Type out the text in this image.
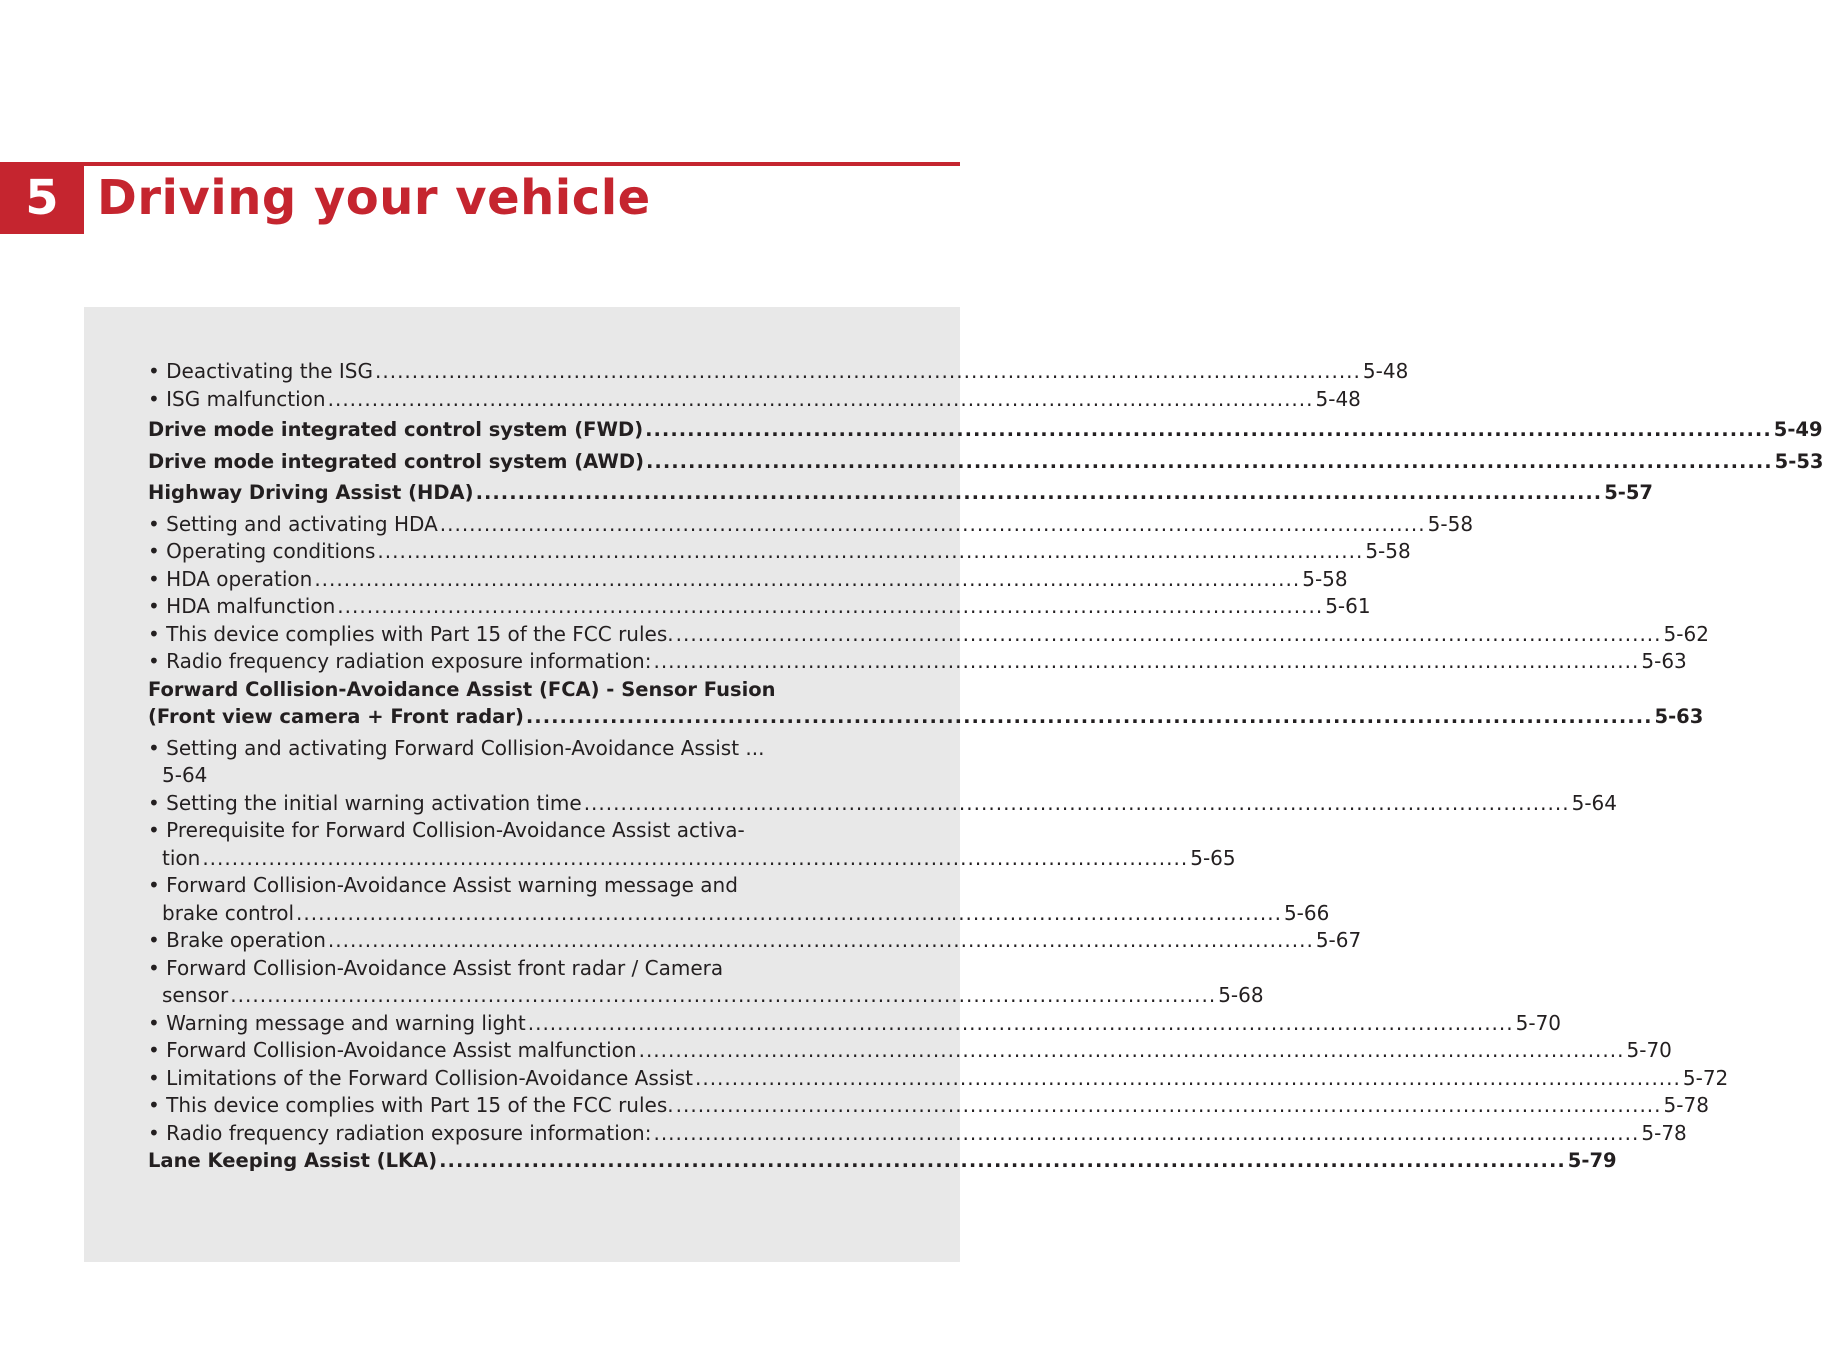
5 Driving your vehicle
• Deactivating the ISG ...................................................................................................................................... 5-48
• ISG malfunction ...................................................................................................................................... 5-48
Drive mode integrated control system (FWD) ...................................................................................................................................... 5-49
Drive mode integrated control system (AWD) ...................................................................................................................................... 5-53
Highway Driving Assist (HDA) ...................................................................................................................................... 5-57
• Setting and activating HDA ...................................................................................................................................... 5-58
• Operating conditions ...................................................................................................................................... 5-58
• HDA operation ...................................................................................................................................... 5-58
• HDA malfunction ...................................................................................................................................... 5-61
• This device complies with Part 15 of the FCC rules. ...................................................................................................................................... 5-62
• Radio frequency radiation exposure information: ...................................................................................................................................... 5-63
Forward Collision-Avoidance Assist (FCA) - Sensor Fusion
(Front view camera + Front radar) ...................................................................................................................................... 5-63
• Setting and activating Forward Collision-Avoidance Assist ...
5-64
• Setting the initial warning activation time ...................................................................................................................................... 5-64
• Prerequisite for Forward Collision-Avoidance Assist activa-
tion ...................................................................................................................................... 5-65
• Forward Collision-Avoidance Assist warning message and
brake control ...................................................................................................................................... 5-66
• Brake operation ...................................................................................................................................... 5-67
• Forward Collision-Avoidance Assist front radar / Camera
sensor ...................................................................................................................................... 5-68
• Warning message and warning light ...................................................................................................................................... 5-70
• Forward Collision-Avoidance Assist malfunction ...................................................................................................................................... 5-70
• Limitations of the Forward Collision-Avoidance Assist ...................................................................................................................................... 5-72
• This device complies with Part 15 of the FCC rules. ...................................................................................................................................... 5-78
• Radio frequency radiation exposure information: ...................................................................................................................................... 5-78
Lane Keeping Assist (LKA) ...................................................................................................................................... 5-79
